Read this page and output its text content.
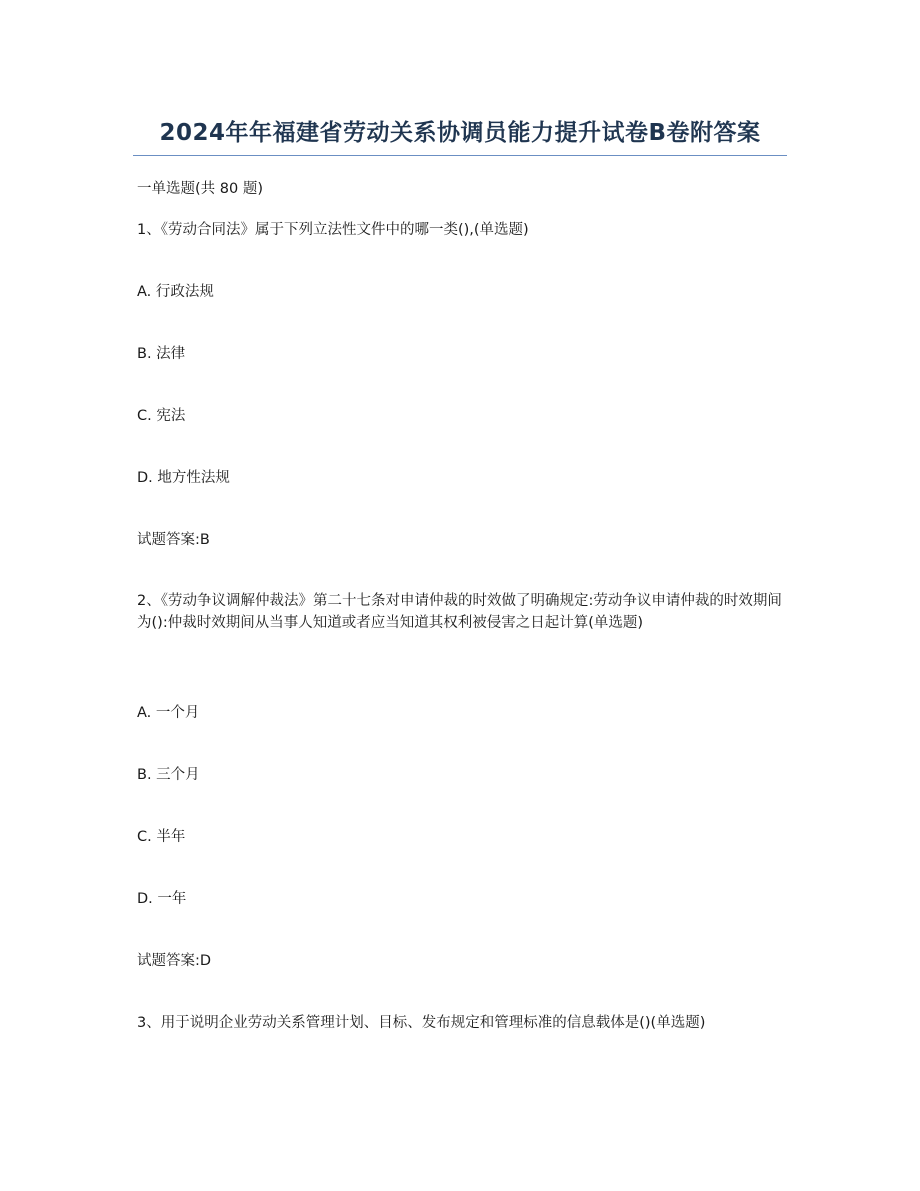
2024年年福建省劳动关系协调员能力提升试卷B卷附答案
一单选题(共 80 题)
1、《劳动合同法》属于下列立法性文件中的哪一类(),(单选题)
A. 行政法规
B. 法律
C. 宪法
D. 地方性法规
试题答案:B
2、《劳动争议调解仲裁法》第二十七条对申请仲裁的时效做了明确规定:劳动争议申请仲裁的时效期间为():仲裁时效期间从当事人知道或者应当知道其权利被侵害之日起计算(单选题)
A. 一个月
B. 三个月
C. 半年
D. 一年
试题答案:D
3、用于说明企业劳动关系管理计划、目标、发布规定和管理标准的信息载体是()(单选题)
